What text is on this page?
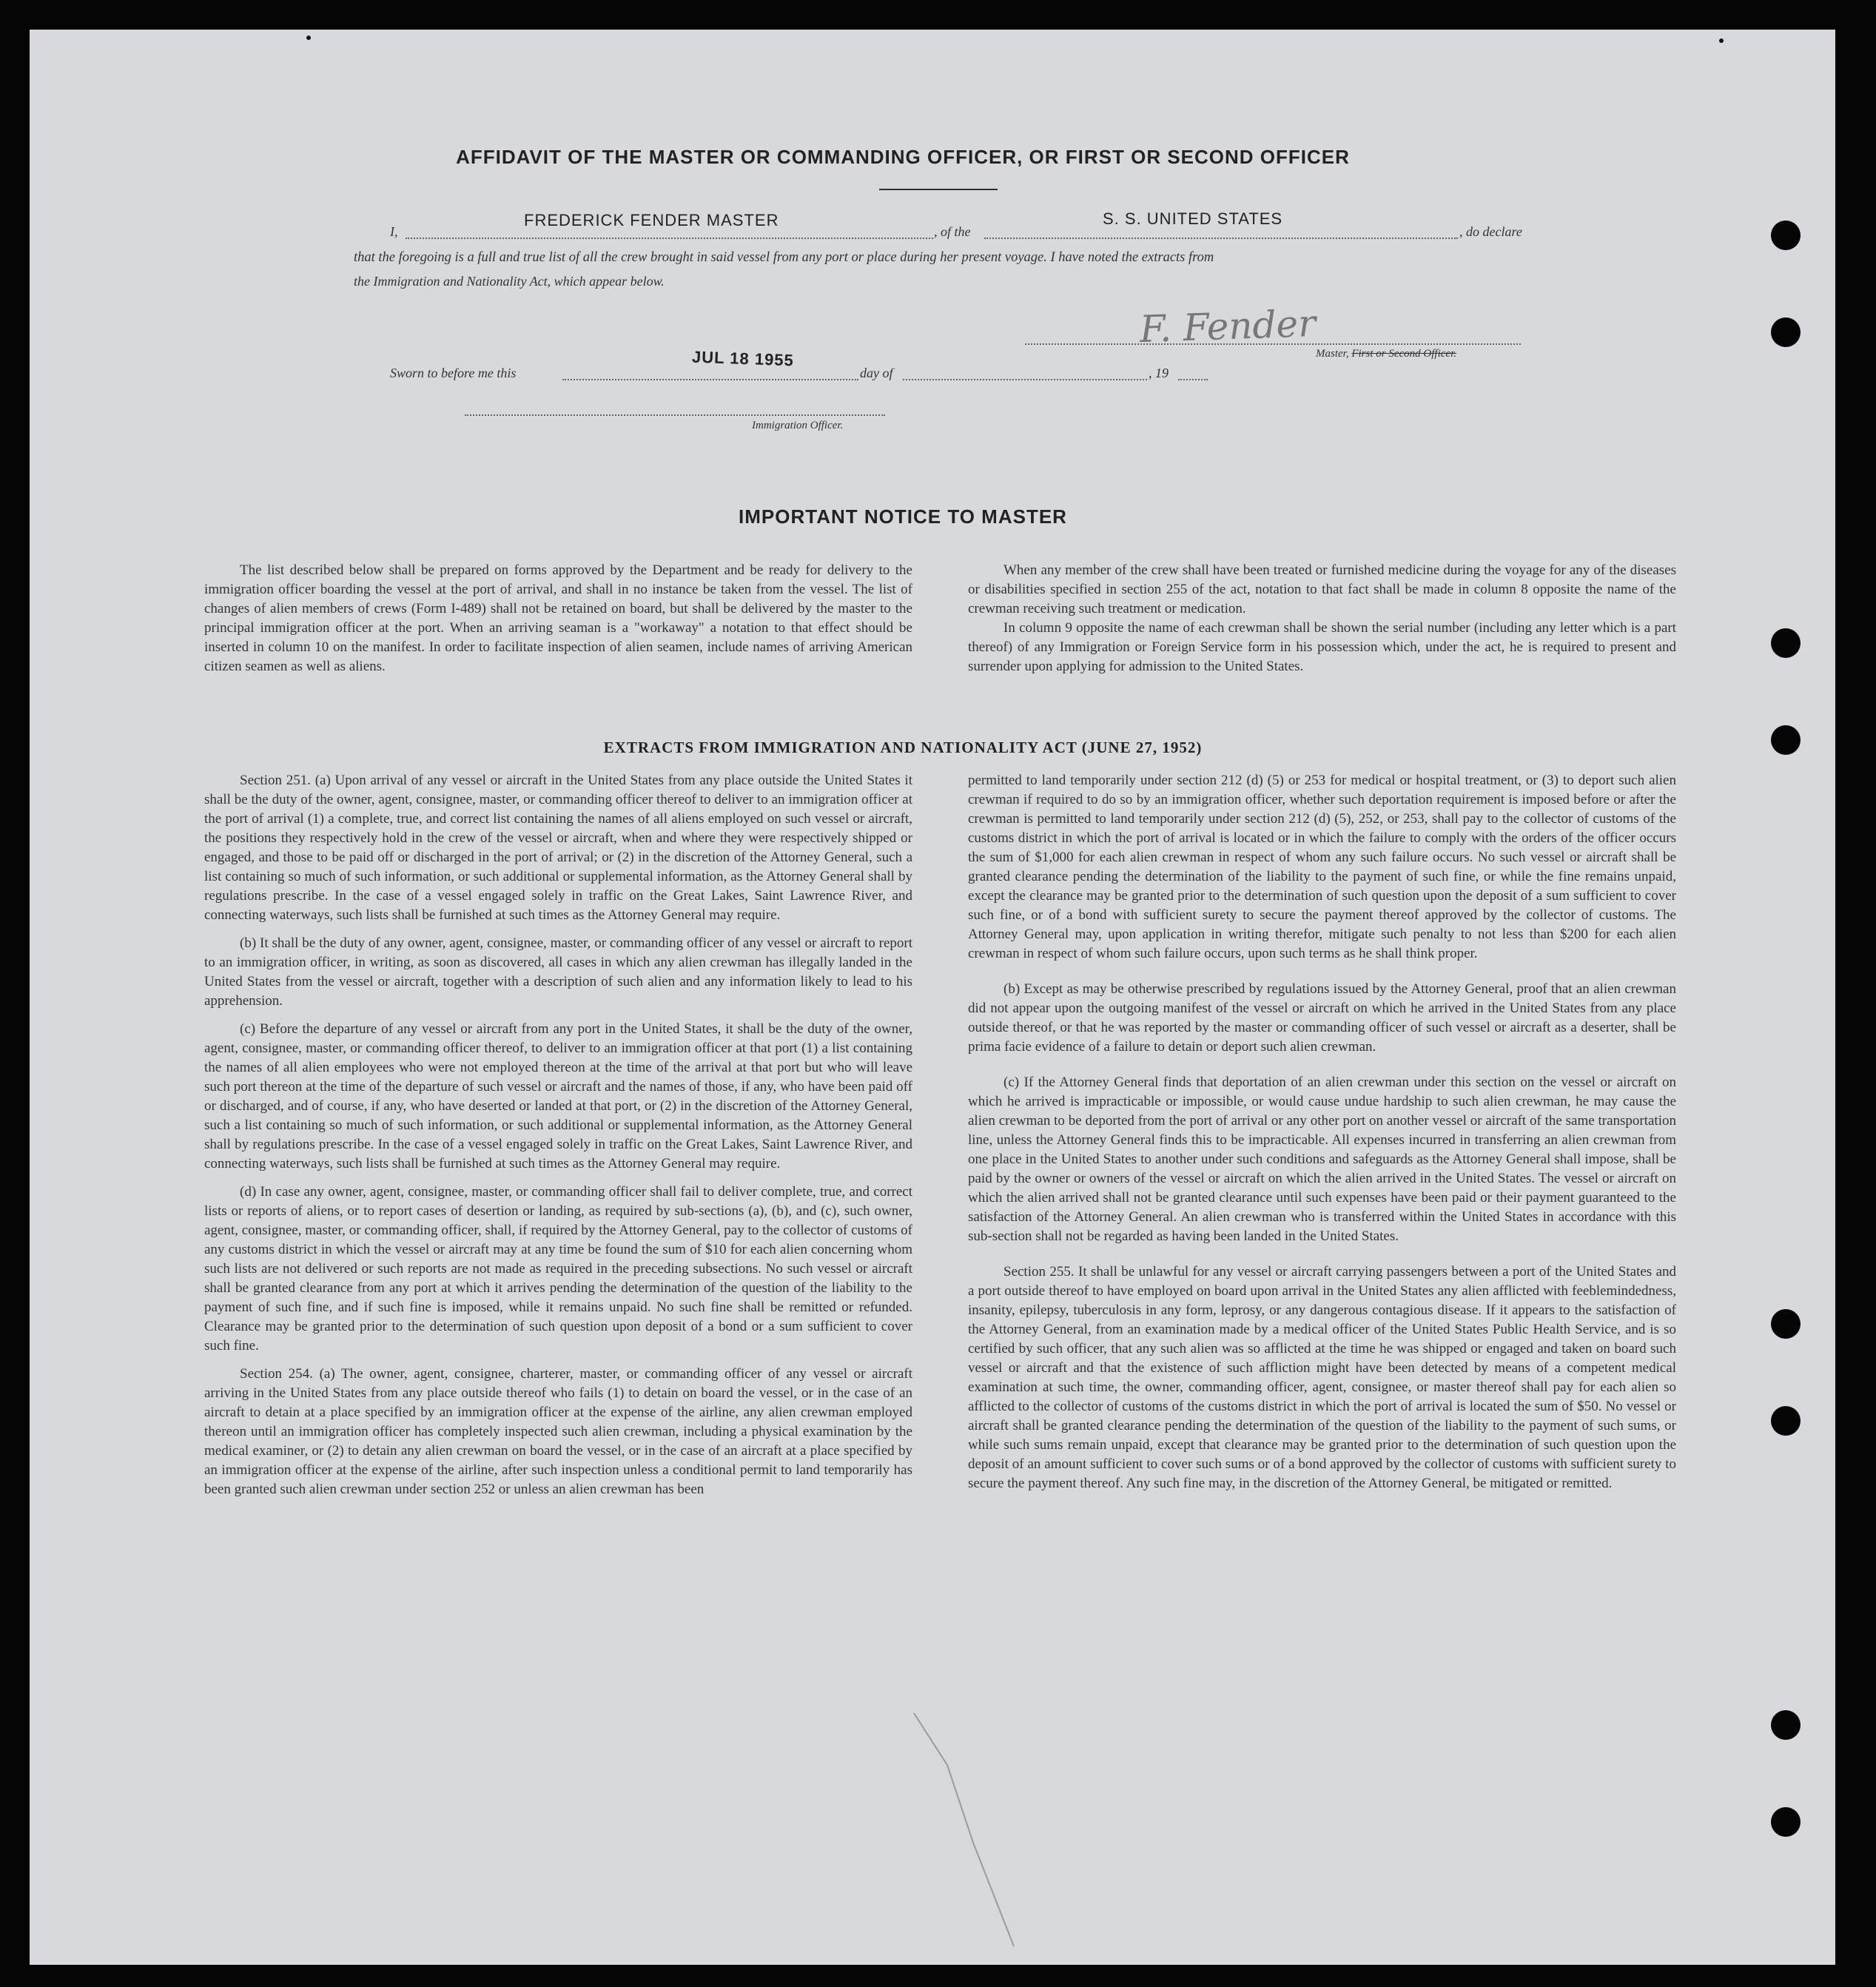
AFFIDAVIT OF THE MASTER OR COMMANDING OFFICER, OR FIRST OR SECOND OFFICER
I,
FREDERICK FENDER MASTER
, of the
S. S. UNITED STATES
, do declare
that the foregoing is a full and true list of all the crew brought in said vessel from any port or place during her present voyage. I have noted the extracts from
the Immigration and Nationality Act, which appear below.
F. Fender
Master, First or Second Officer.
Sworn to before me this
JUL 18 1955
day of	, 19
Immigration Officer.
IMPORTANT NOTICE TO MASTER

The list described below shall be prepared on forms approved by the Department and be ready for delivery to the immigration officer boarding the vessel at the port of arrival, and shall in no instance be taken from the vessel. The list of changes of alien members of crews (Form I-489) shall not be retained on board, but shall be delivered by the master to the principal immigration officer at the port. When an arriving seaman is a "workaway" a notation to that effect should be inserted in column 10 on the manifest. In order to facilitate inspection of alien seamen, include names of arriving American citizen seamen as well as aliens.

When any member of the crew shall have been treated or furnished medicine during the voyage for any of the diseases or disabilities specified in section 255 of the act, notation to that fact shall be made in column 8 opposite the name of the crewman receiving such treatment or medication.

In column 9 opposite the name of each crewman shall be shown the serial number (including any letter which is a part thereof) of any Immigration or Foreign Service form in his possession which, under the act, he is required to present and surrender upon applying for admission to the United States.

EXTRACTS FROM IMMIGRATION AND NATIONALITY ACT (JUNE 27, 1952)

Section 251. (a) Upon arrival of any vessel or aircraft in the United States from any place outside the United States it shall be the duty of the owner, agent, consignee, master, or commanding officer thereof to deliver to an immigration officer at the port of arrival (1) a complete, true, and correct list containing the names of all aliens employed on such vessel or aircraft, the positions they respectively hold in the crew of the vessel or aircraft, when and where they were respectively shipped or engaged, and those to be paid off or discharged in the port of arrival; or (2) in the discretion of the Attorney General, such a list containing so much of such information, or such additional or supplemental information, as the Attorney General shall by regulations prescribe. In the case of a vessel engaged solely in traffic on the Great Lakes, Saint Lawrence River, and connecting waterways, such lists shall be furnished at such times as the Attorney General may require.

(b) It shall be the duty of any owner, agent, consignee, master, or commanding officer of any vessel or aircraft to report to an immigration officer, in writing, as soon as discovered, all cases in which any alien crewman has illegally landed in the United States from the vessel or aircraft, together with a description of such alien and any information likely to lead to his apprehension.

(c) Before the departure of any vessel or aircraft from any port in the United States, it shall be the duty of the owner, agent, consignee, master, or commanding officer thereof, to deliver to an immigration officer at that port (1) a list containing the names of all alien employees who were not employed thereon at the time of the arrival at that port but who will leave such port thereon at the time of the departure of such vessel or aircraft and the names of those, if any, who have been paid off or discharged, and of course, if any, who have deserted or landed at that port, or (2) in the discretion of the Attorney General, such a list containing so much of such information, or such additional or supplemental information, as the Attorney General shall by regulations prescribe. In the case of a vessel engaged solely in traffic on the Great Lakes, Saint Lawrence River, and connecting waterways, such lists shall be furnished at such times as the Attorney General may require.

(d) In case any owner, agent, consignee, master, or commanding officer shall fail to deliver complete, true, and correct lists or reports of aliens, or to report cases of desertion or landing, as required by sub-sections (a), (b), and (c), such owner, agent, consignee, master, or commanding officer, shall, if required by the Attorney General, pay to the collector of customs of any customs district in which the vessel or aircraft may at any time be found the sum of $10 for each alien concerning whom such lists are not delivered or such reports are not made as required in the preceding subsections. No such vessel or aircraft shall be granted clearance from any port at which it arrives pending the determination of the question of the liability to the payment of such fine, and if such fine is imposed, while it remains unpaid. No such fine shall be remitted or refunded. Clearance may be granted prior to the determination of such question upon deposit of a bond or a sum sufficient to cover such fine.

Section 254. (a) The owner, agent, consignee, charterer, master, or commanding officer of any vessel or aircraft arriving in the United States from any place outside thereof who fails (1) to detain on board the vessel, or in the case of an aircraft to detain at a place specified by an immigration officer at the expense of the airline, any alien crewman employed thereon until an immigration officer has completely inspected such alien crewman, including a physical examination by the medical examiner, or (2) to detain any alien crewman on board the vessel, or in the case of an aircraft at a place specified by an immigration officer at the expense of the airline, after such inspection unless a conditional permit to land temporarily has been granted such alien crewman under section 252 or unless an alien crewman has been

permitted to land temporarily under section 212 (d) (5) or 253 for medical or hospital treatment, or (3) to deport such alien crewman if required to do so by an immigration officer, whether such deportation requirement is imposed before or after the crewman is permitted to land temporarily under section 212 (d) (5), 252, or 253, shall pay to the collector of customs of the customs district in which the port of arrival is located or in which the failure to comply with the orders of the officer occurs the sum of $1,000 for each alien crewman in respect of whom any such failure occurs. No such vessel or aircraft shall be granted clearance pending the determination of the liability to the payment of such fine, or while the fine remains unpaid, except the clearance may be granted prior to the determination of such question upon the deposit of a sum sufficient to cover such fine, or of a bond with sufficient surety to secure the payment thereof approved by the collector of customs. The Attorney General may, upon application in writing therefor, mitigate such penalty to not less than $200 for each alien crewman in respect of whom such failure occurs, upon such terms as he shall think proper.

(b) Except as may be otherwise prescribed by regulations issued by the Attorney General, proof that an alien crewman did not appear upon the outgoing manifest of the vessel or aircraft on which he arrived in the United States from any place outside thereof, or that he was reported by the master or commanding officer of such vessel or aircraft as a deserter, shall be prima facie evidence of a failure to detain or deport such alien crewman.

(c) If the Attorney General finds that deportation of an alien crewman under this section on the vessel or aircraft on which he arrived is impracticable or impossible, or would cause undue hardship to such alien crewman, he may cause the alien crewman to be deported from the port of arrival or any other port on another vessel or aircraft of the same transportation line, unless the Attorney General finds this to be impracticable. All expenses incurred in transferring an alien crewman from one place in the United States to another under such conditions and safeguards as the Attorney General shall impose, shall be paid by the owner or owners of the vessel or aircraft on which the alien arrived in the United States. The vessel or aircraft on which the alien arrived shall not be granted clearance until such expenses have been paid or their payment guaranteed to the satisfaction of the Attorney General. An alien crewman who is transferred within the United States in accordance with this sub-section shall not be regarded as having been landed in the United States.

Section 255. It shall be unlawful for any vessel or aircraft carrying passengers between a port of the United States and a port outside thereof to have employed on board upon arrival in the United States any alien afflicted with feeblemindedness, insanity, epilepsy, tuberculosis in any form, leprosy, or any dangerous contagious disease. If it appears to the satisfaction of the Attorney General, from an examination made by a medical officer of the United States Public Health Service, and is so certified by such officer, that any such alien was so afflicted at the time he was shipped or engaged and taken on board such vessel or aircraft and that the existence of such affliction might have been detected by means of a competent medical examination at such time, the owner, commanding officer, agent, consignee, or master thereof shall pay for each alien so afflicted to the collector of customs of the customs district in which the port of arrival is located the sum of $50. No vessel or aircraft shall be granted clearance pending the determination of the question of the liability to the payment of such sums, or while such sums remain unpaid, except that clearance may be granted prior to the determination of such question upon the deposit of an amount sufficient to cover such sums or of a bond approved by the collector of customs with sufficient surety to secure the payment thereof. Any such fine may, in the discretion of the Attorney General, be mitigated or remitted.
